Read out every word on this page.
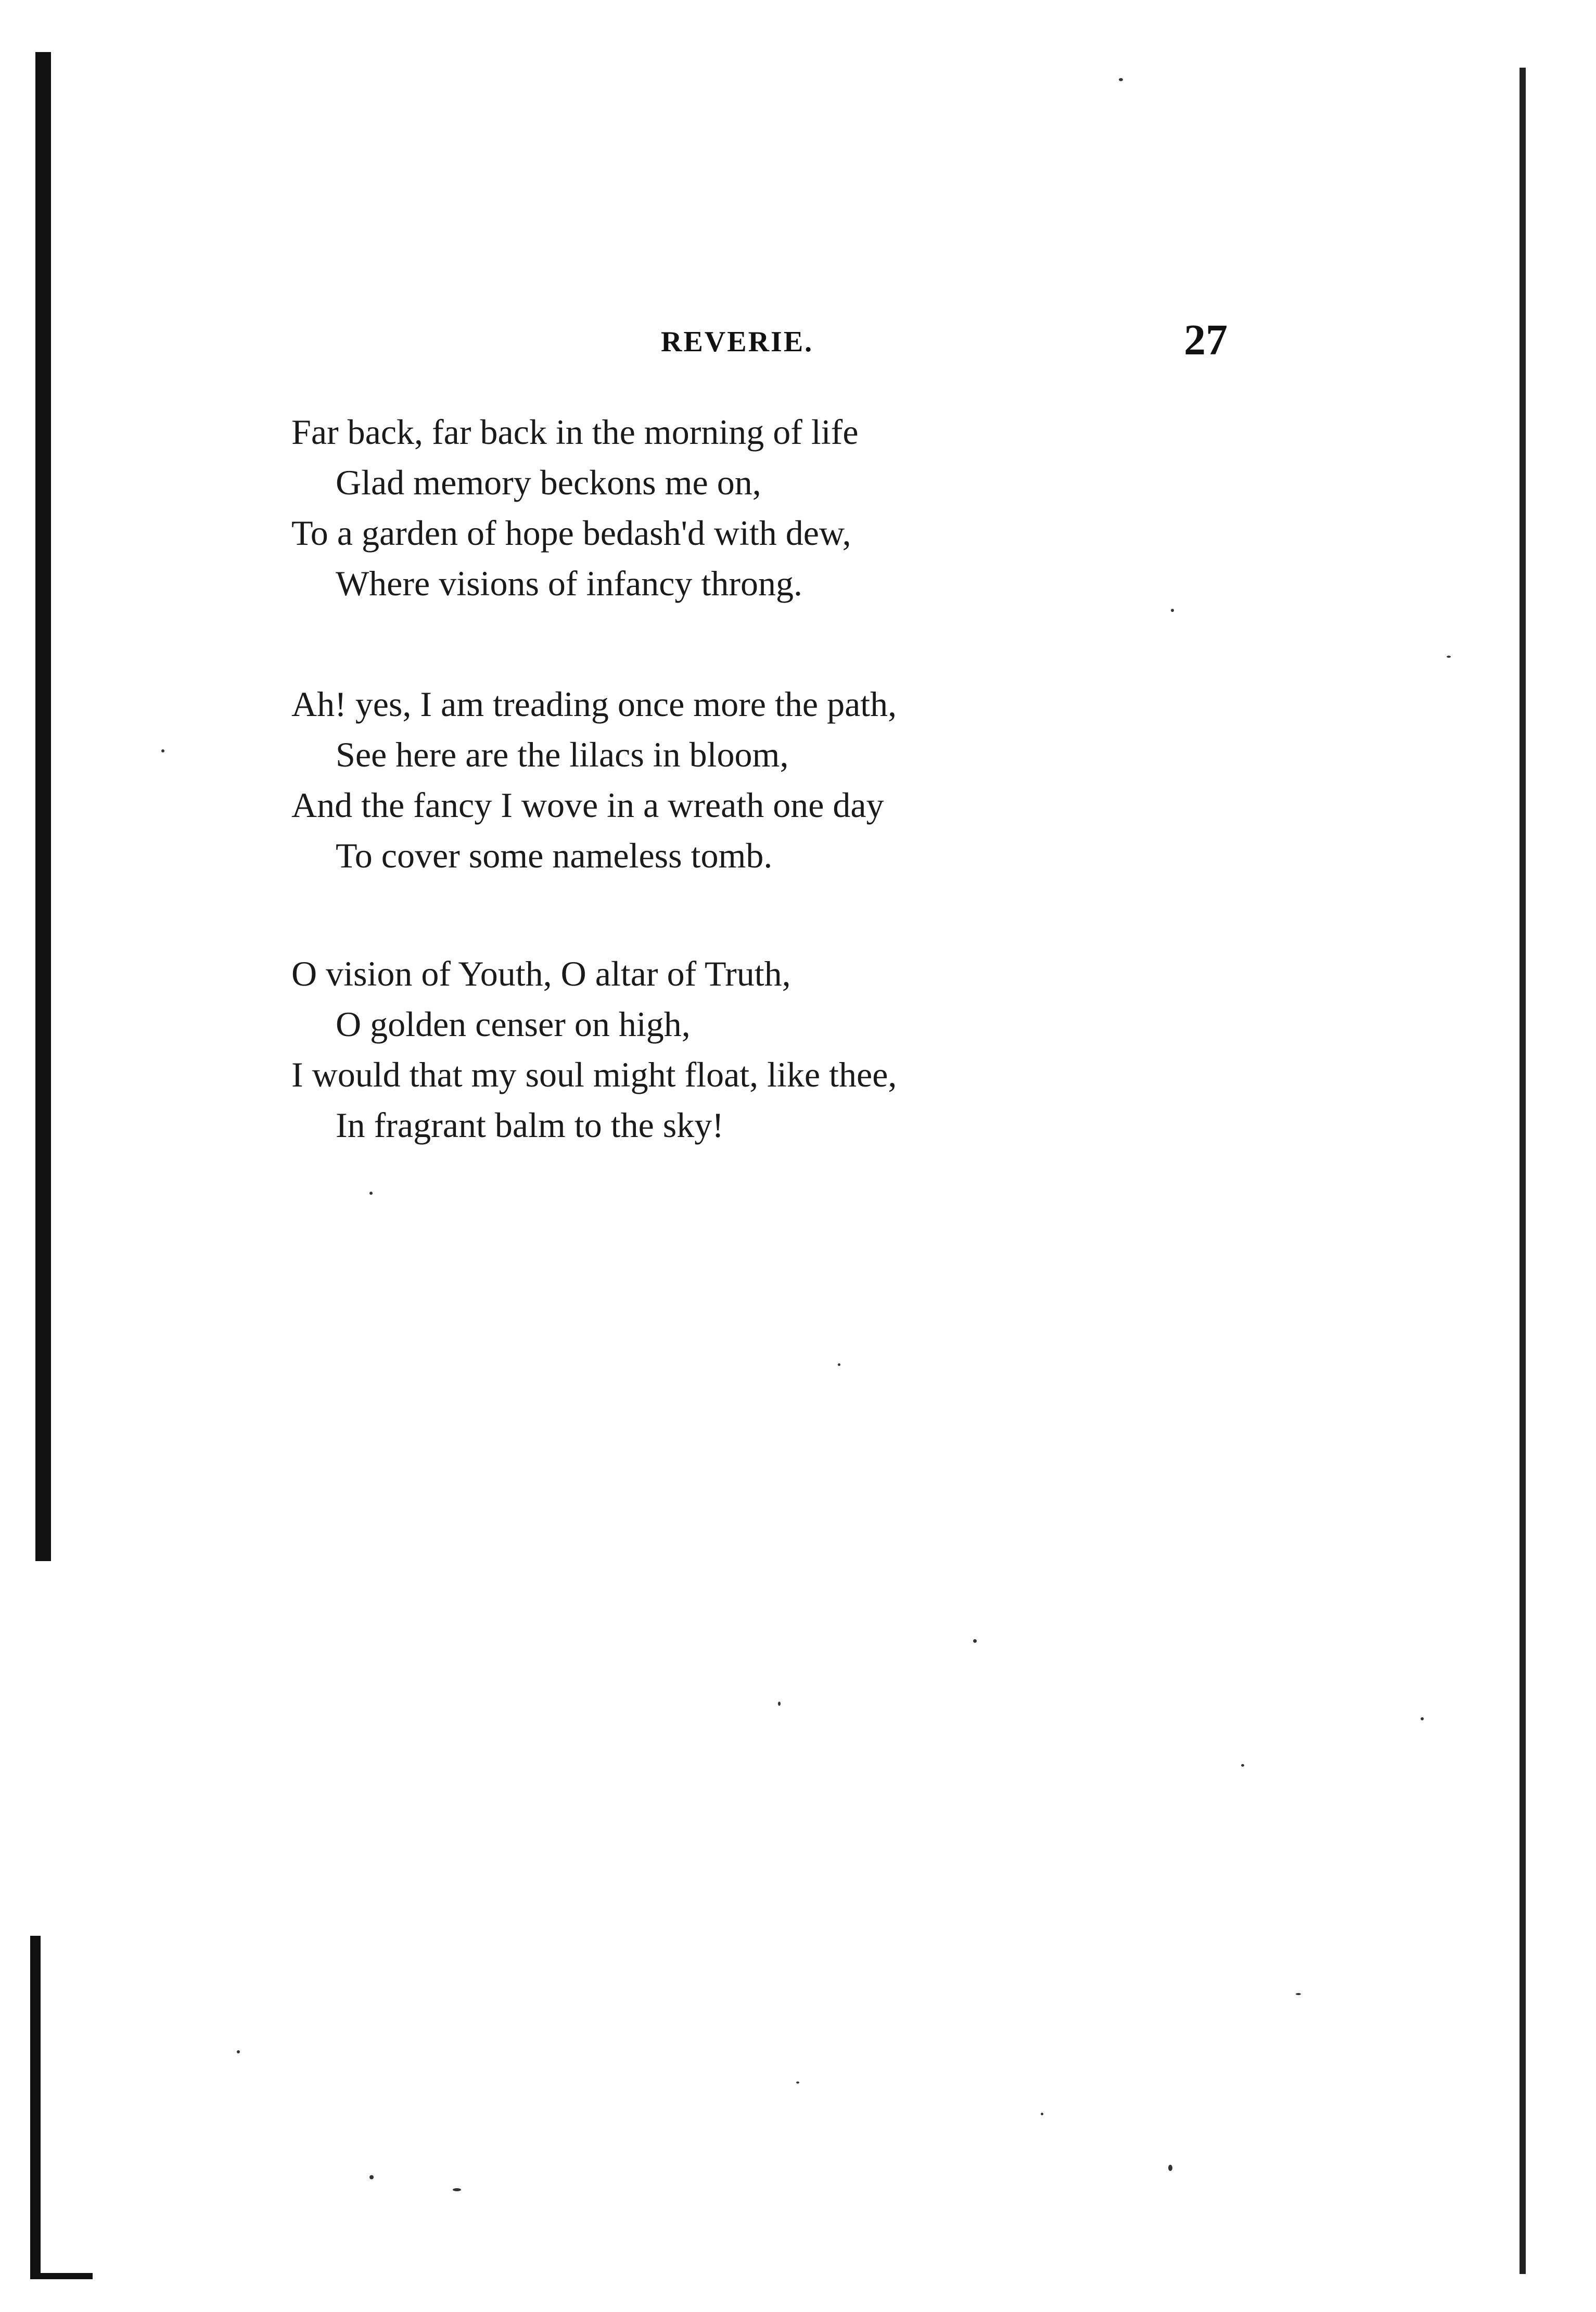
REVERIE.	27
Far back, far back in the morning of life
Glad memory beckons me on,
To a garden of hope bedash'd with dew,
Where visions of infancy throng.
Ah! yes, I am treading once more the path,
See here are the lilacs in bloom,
And the fancy I wove in a wreath one day
To cover some nameless tomb.
O vision of Youth, O altar of Truth,
O golden censer on high,
I would that my soul might float, like thee,
In fragrant balm to the sky!
